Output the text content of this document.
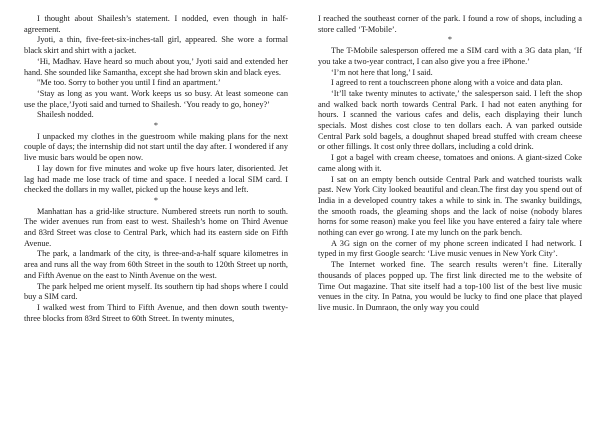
I thought about Shailesh’s statement. I nodded, even though in half-agreement.

Jyoti, a thin, five-feet-six-inches-tall girl, appeared. She wore a formal black skirt and shirt with a jacket.

‘Hi, Madhav. Have heard so much about you,’ Jyoti said and extended her hand. She sounded like Samantha, except she had brown skin and black eyes.

"Me too. Sorry to bother you until I find an apartment.’

‘Stay as long as you want. Work keeps us so busy. At least someone can use the place,’Jyoti said and turned to Shailesh. ‘You ready to go, honey?’

Shailesh nodded.

*

I unpacked my clothes in the guestroom while making plans for the next couple of days; the internship did not start until the day after. I wondered if any live music bars would be open now.

I lay down for five minutes and woke up five hours later, disoriented. Jet lag had made me lose track of time and space. I needed a local SIM card. I checked the dollars in my wallet, picked up the house keys and left.

*

Manhattan has a grid-like structure. Numbered streets run north to south. The wider avenues run from east to west. Shailesh’s home on Third Avenue and 83rd Street was close to Central Park, which had its eastern side on Fifth Avenue.

The park, a landmark of the city, is three-and-a-half square kilometres in area and runs all the way from 60th Street in the south to 120th Street up north, and Fifth Avenue on the east to Ninth Avenue on the west.

The park helped me orient myself. Its southern tip had shops where I could buy a SIM card.

I walked west from Third to Fifth Avenue, and then down south twenty-three blocks from 83rd Street to 60th Street. In twenty minutes,

I reached the southeast corner of the park. I found a row of shops, including a store called ‘T-Mobile’.

*

The T-Mobile salesperson offered me a SIM card with a 3G data plan, ‘If you take a two-year contract, I can also give you a free iPhone.’

‘I’m not here that long,’ I said.

I agreed to rent a touchscreen phone along with a voice and data plan.

‘It’ll take twenty minutes to activate,’ the salesperson said. I left the shop and walked back north towards Central Park. I had not eaten anything for hours. I scanned the various cafes and delis, each displaying their lunch specials. Most dishes cost close to ten dollars each. A van parked outside Central Park sold bagels, a doughnut shaped bread stuffed with cream cheese or other fillings. It cost only three dollars, including a cold drink.

I got a bagel with cream cheese, tomatoes and onions. A giant-sized Coke came along with it.

I sat on an empty bench outside Central Park and watched tourists walk past. New York City looked beautiful and clean.The first day you spend out of India in a developed country takes a while to sink in. The swanky buildings, the smooth roads, the gleaming shops and the lack of noise (nobody blares horns for some reason) make you feel like you have entered a fairy tale where nothing can ever go wrong. I ate my lunch on the park bench.

A 3G sign on the corner of my phone screen indicated I had network. I typed in my first Google search: ‘Live music venues in New York City’.

The Internet worked fine. The search results weren’t fine. Literally thousands of places popped up. The first link directed me to the website of Time Out magazine. That site itself had a top-100 list of the best live music venues in the city. In Patna, you would be lucky to find one place that played live music. In Dumraon, the only way you could
